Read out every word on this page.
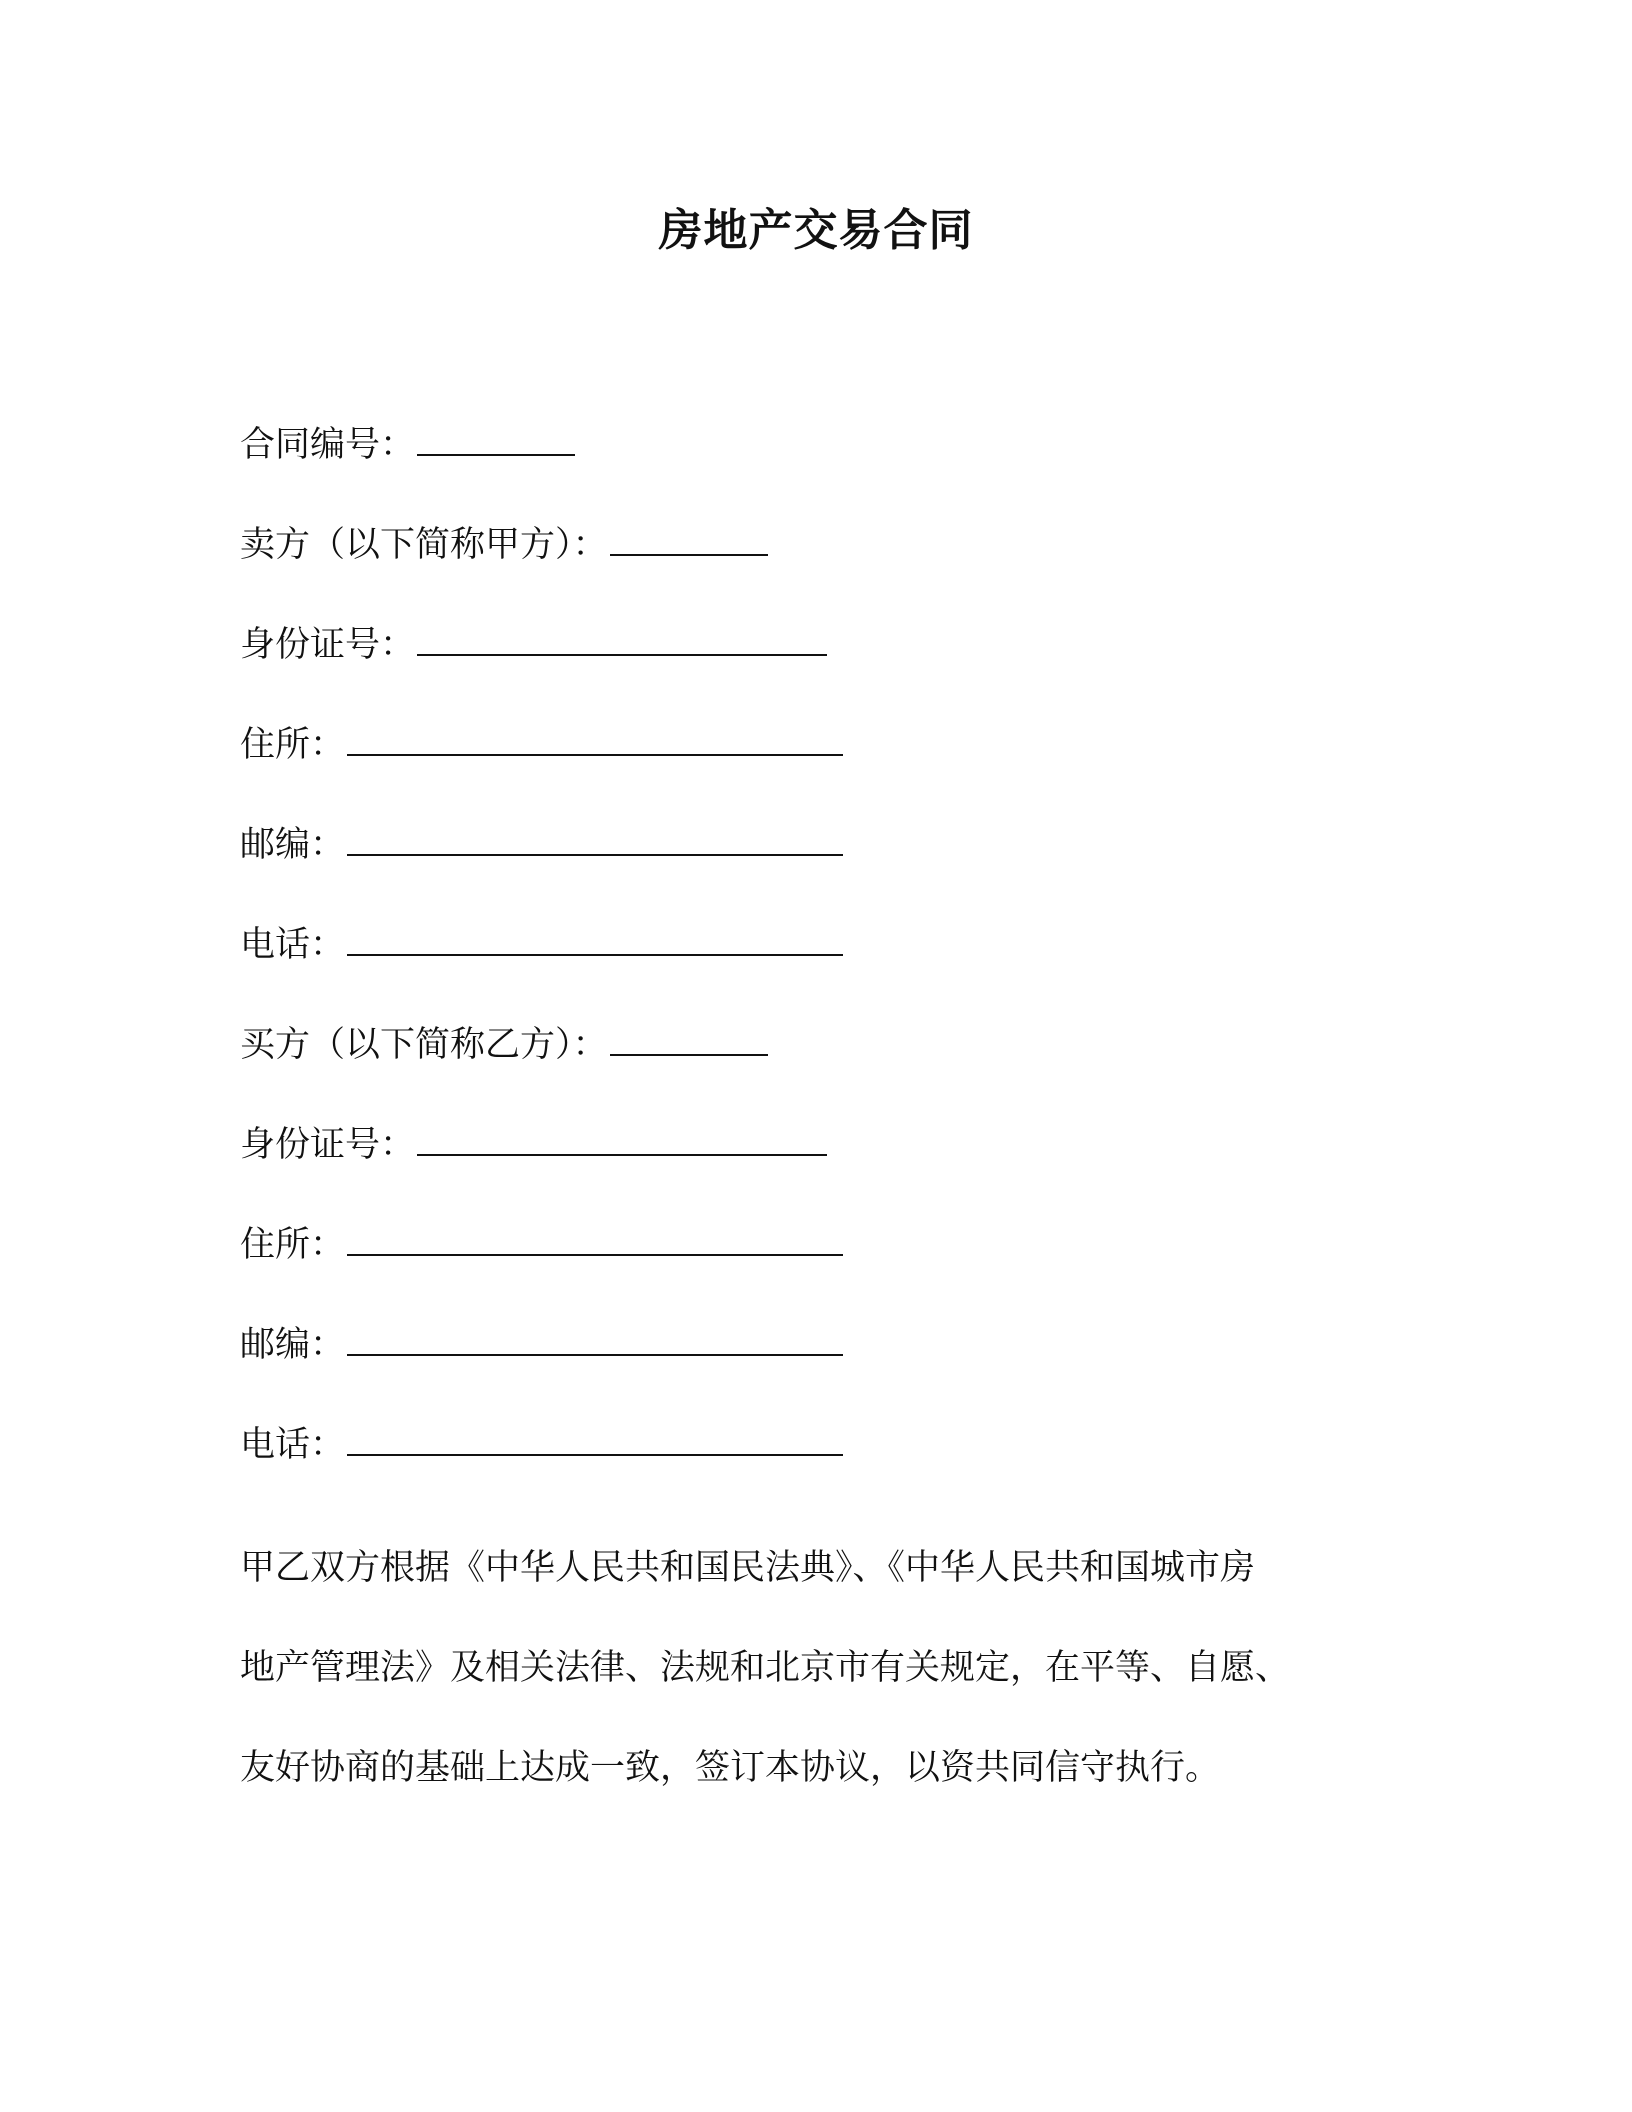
房地产交易合同
合同编号：
卖方（以下简称甲方）：
身份证号：
住所：
邮编：
电话：
买方（以下简称乙方）：
身份证号：
住所：
邮编：
电话：

甲乙双方根据《中华人民共和国民法典》、《中华人民共和国城市房
地产管理法》及相关法律、法规和北京市有关规定，在平等、自愿、
友好协商的基础上达成一致，签订本协议，以资共同信守执行。
